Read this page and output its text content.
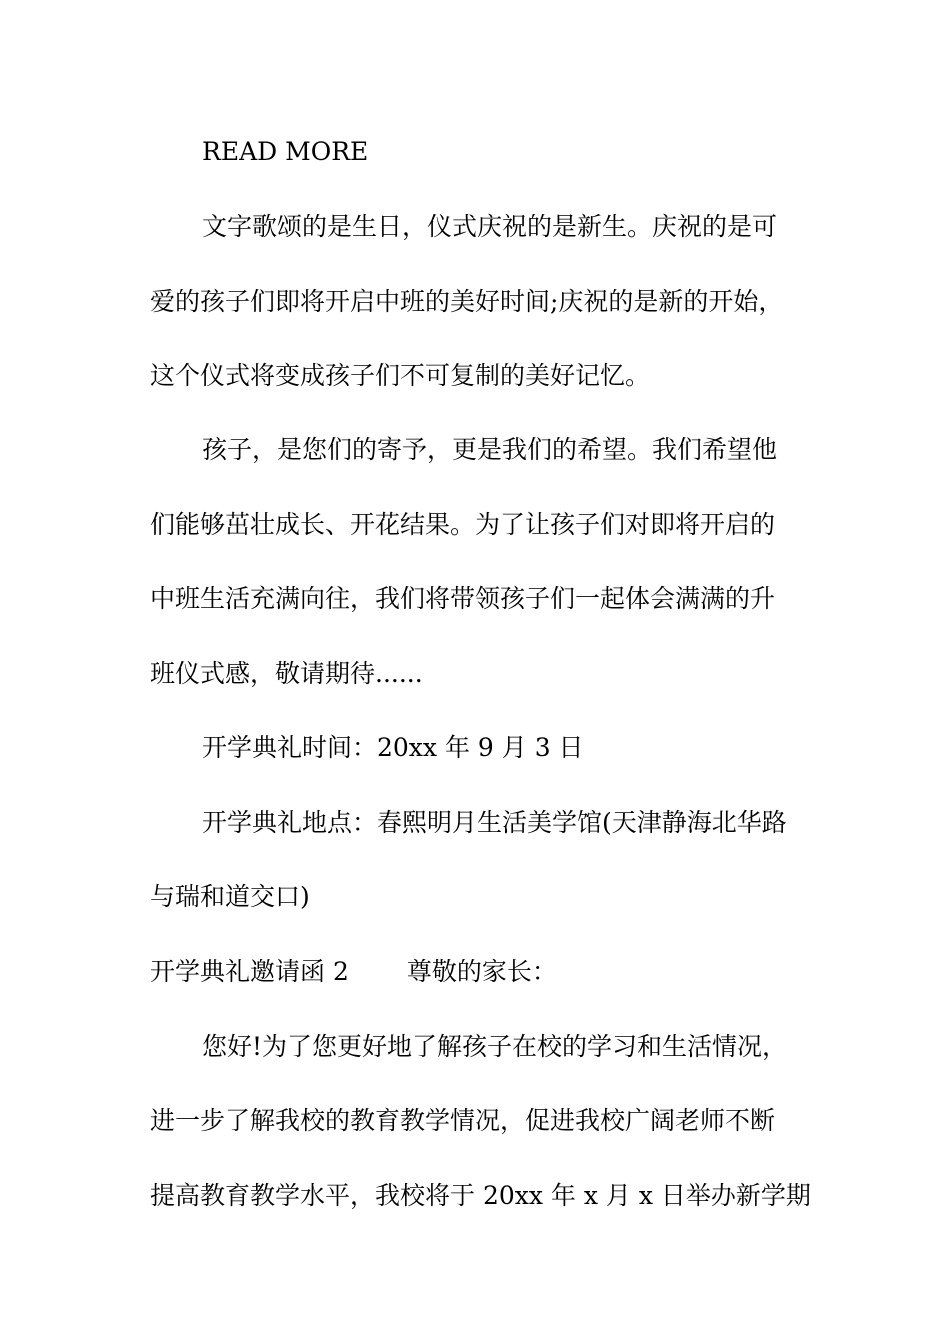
READ MORE
文字歌颂的是生日，仪式庆祝的是新生。庆祝的是可
爱的孩子们即将开启中班的美好时间;庆祝的是新的开始，
这个仪式将变成孩子们不可复制的美好记忆。
孩子，是您们的寄予，更是我们的希望。我们希望他
们能够茁壮成长、开花结果。为了让孩子们对即将开启的
中班生活充满向往，我们将带领孩子们一起体会满满的升
班仪式感，敬请期待......
开学典礼时间：20xx 年 9 月 3 日
开学典礼地点：春熙明月生活美学馆(天津静海北华路
与瑞和道交口)
开学典礼邀请函 2 尊敬的家长：
您好!为了您更好地了解孩子在校的学习和生活情况，
进一步了解我校的教育教学情况，促进我校广阔老师不断
提高教育教学水平，我校将于 20xx 年 x 月 x 日举办新学期
